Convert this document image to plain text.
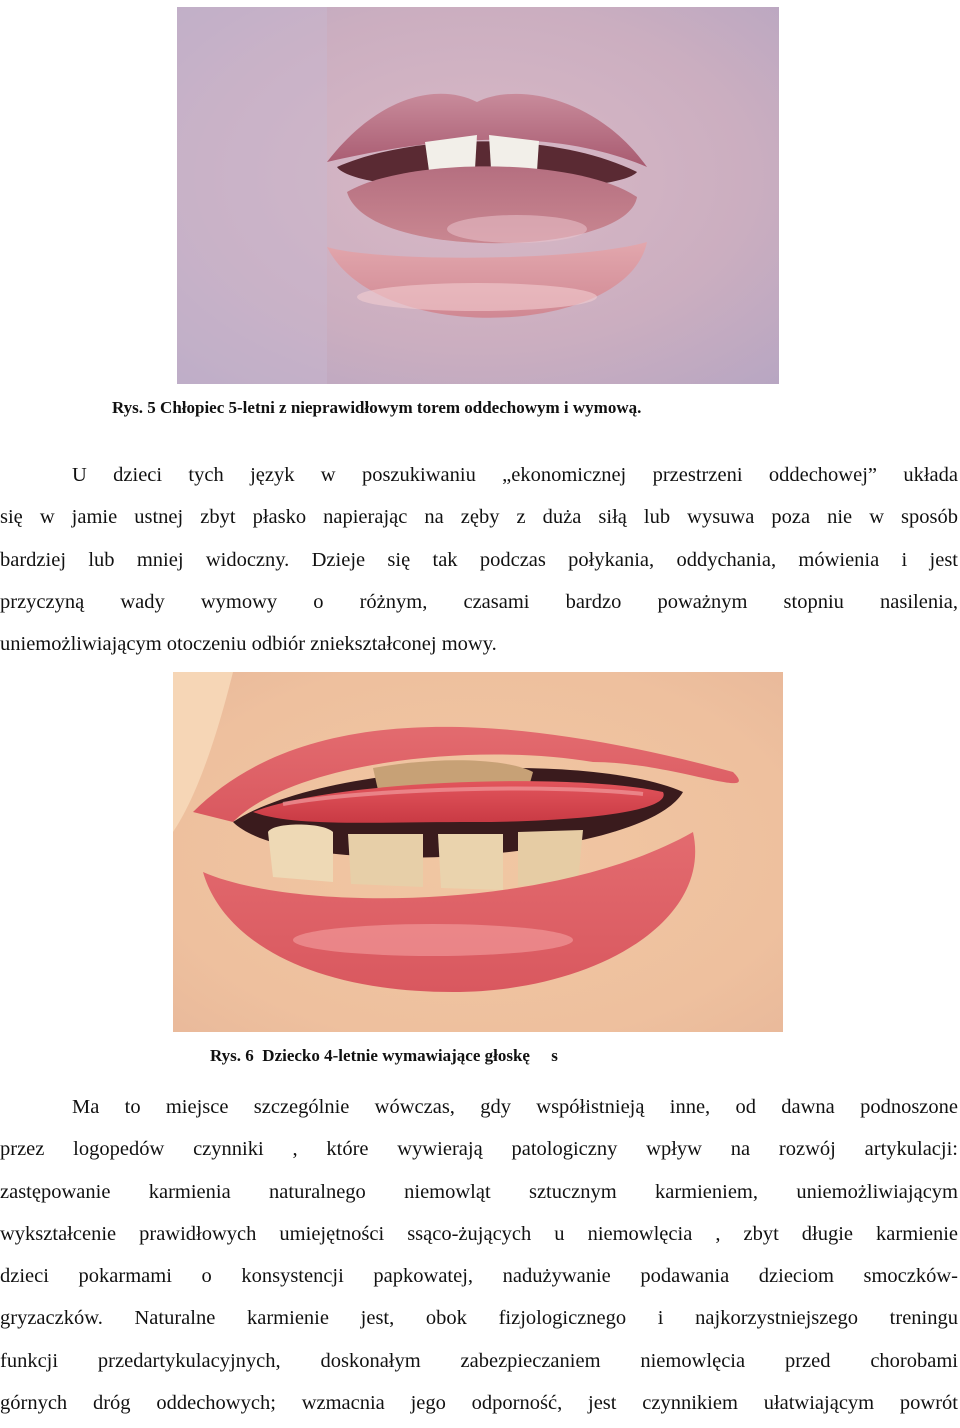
Rys. 5 Chłopiec 5-letni z nieprawidłowym torem oddechowym i wymową.
U dzieci tych język w poszukiwaniu „ekonomicznej przestrzeni oddechowej” układa
się w jamie ustnej zbyt płasko napierając na zęby z duża siłą lub wysuwa poza nie w sposób
bardziej lub mniej widoczny. Dzieje się tak podczas połykania, oddychania, mówienia i jest
przyczyną wady wymowy o różnym, czasami bardzo poważnym stopniu nasilenia,
uniemożliwiającym otoczeniu odbiór zniekształconej mowy.
Rys. 6 Dziecko 4-letnie wymawiające głoskę s
Ma to miejsce szczególnie wówczas, gdy współistnieją inne, od dawna podnoszone
przez logopedów czynniki , które wywierają patologiczny wpływ na rozwój artykulacji:
zastępowanie karmienia naturalnego niemowląt sztucznym karmieniem, uniemożliwiającym
wykształcenie prawidłowych umiejętności ssąco-żujących u niemowlęcia , zbyt długie karmienie
dzieci pokarmami o konsystencji papkowatej, nadużywanie podawania dzieciom smoczków-
gryzaczków. Naturalne karmienie jest, obok fizjologicznego i najkorzystniejszego treningu
funkcji przedartykulacyjnych, doskonałym zabezpieczaniem niemowlęcia przed chorobami
górnych dróg oddechowych; wzmacnia jego odporność, jest czynnikiem ułatwiającym powrót
